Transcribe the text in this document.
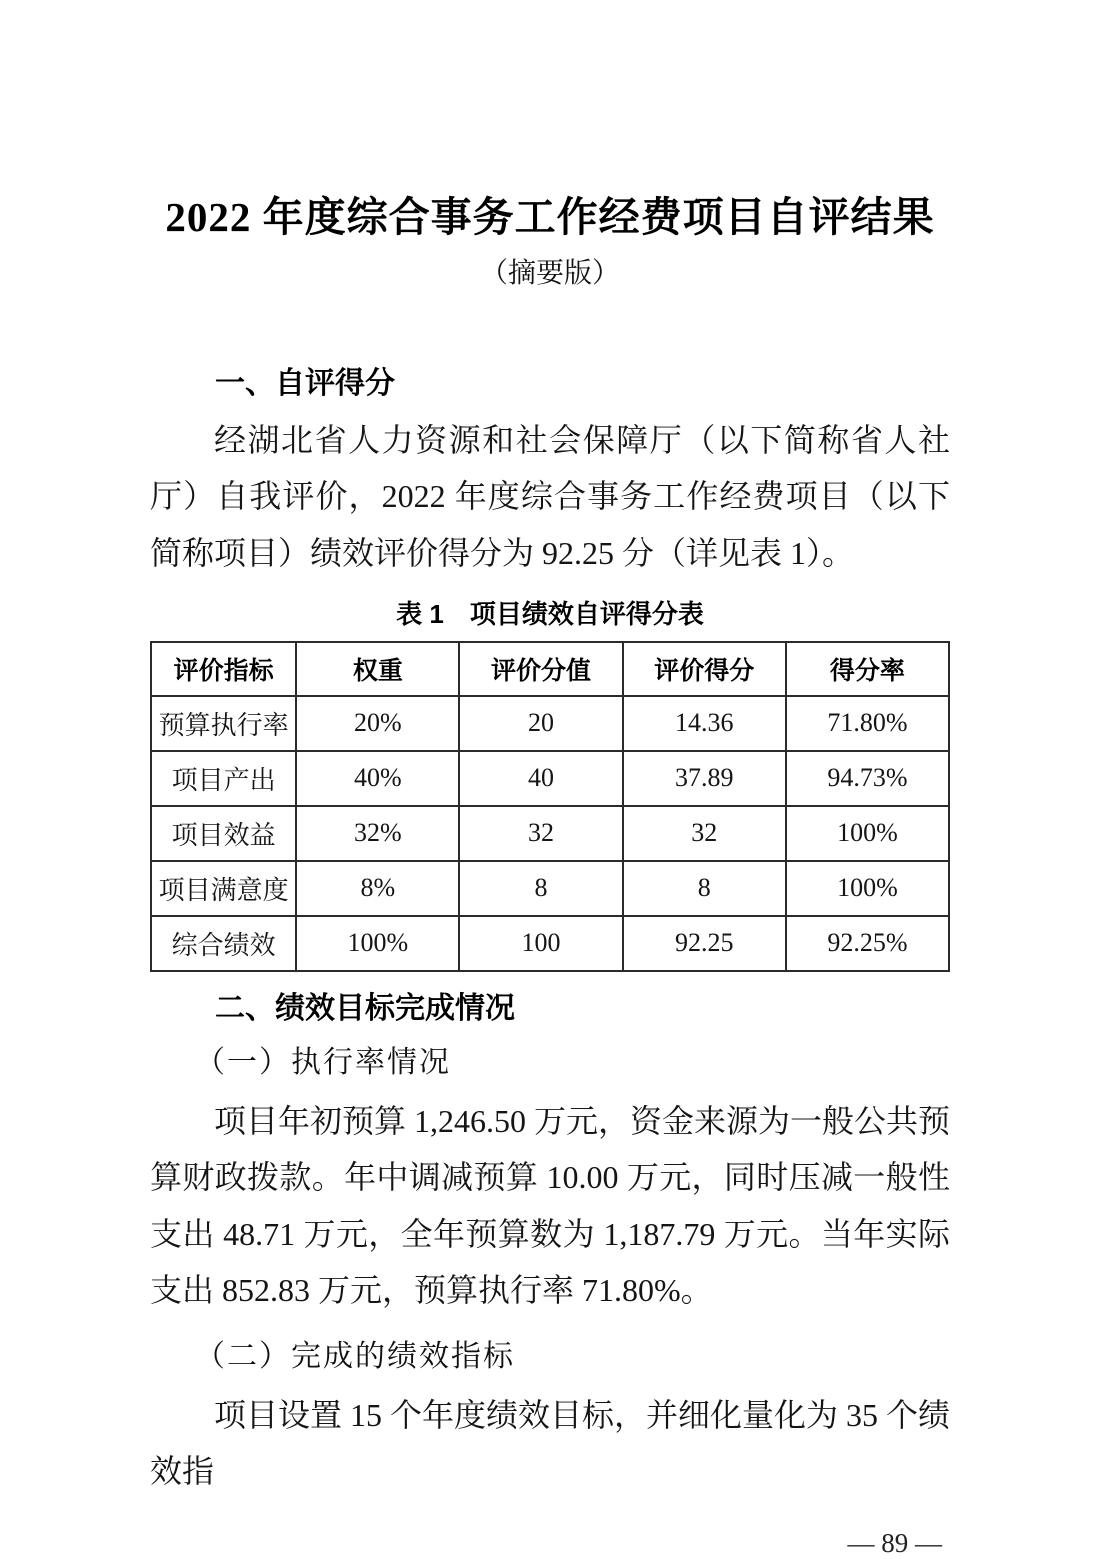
2022 年度综合事务工作经费项目自评结果
（摘要版）
一、自评得分

经湖北省人力资源和社会保障厅（以下简称省人社厅）自我评价，2022 年度综合事务工作经费项目（以下简称项目）绩效评价得分为 92.25 分（详见表 1）。

表 1　项目绩效自评得分表
评价指标	权重	评价分值	评价得分	得分率
预算执行率	20%	20	14.36	71.80%
项目产出	40%	40	37.89	94.73%
项目效益	32%	32	32	100%
项目满意度	8%	8	8	100%
综合绩效	100%	100	92.25	92.25%
二、绩效目标完成情况
（一）执行率情况

项目年初预算 1,246.50 万元，资金来源为一般公共预算财政拨款。年中调减预算 10.00 万元，同时压减一般性支出 48.71 万元，全年预算数为 1,187.79 万元。当年实际支出 852.83 万元，预算执行率 71.80%。

（二）完成的绩效指标

项目设置 15 个年度绩效目标，并细化量化为 35 个绩效指

— 89 —
